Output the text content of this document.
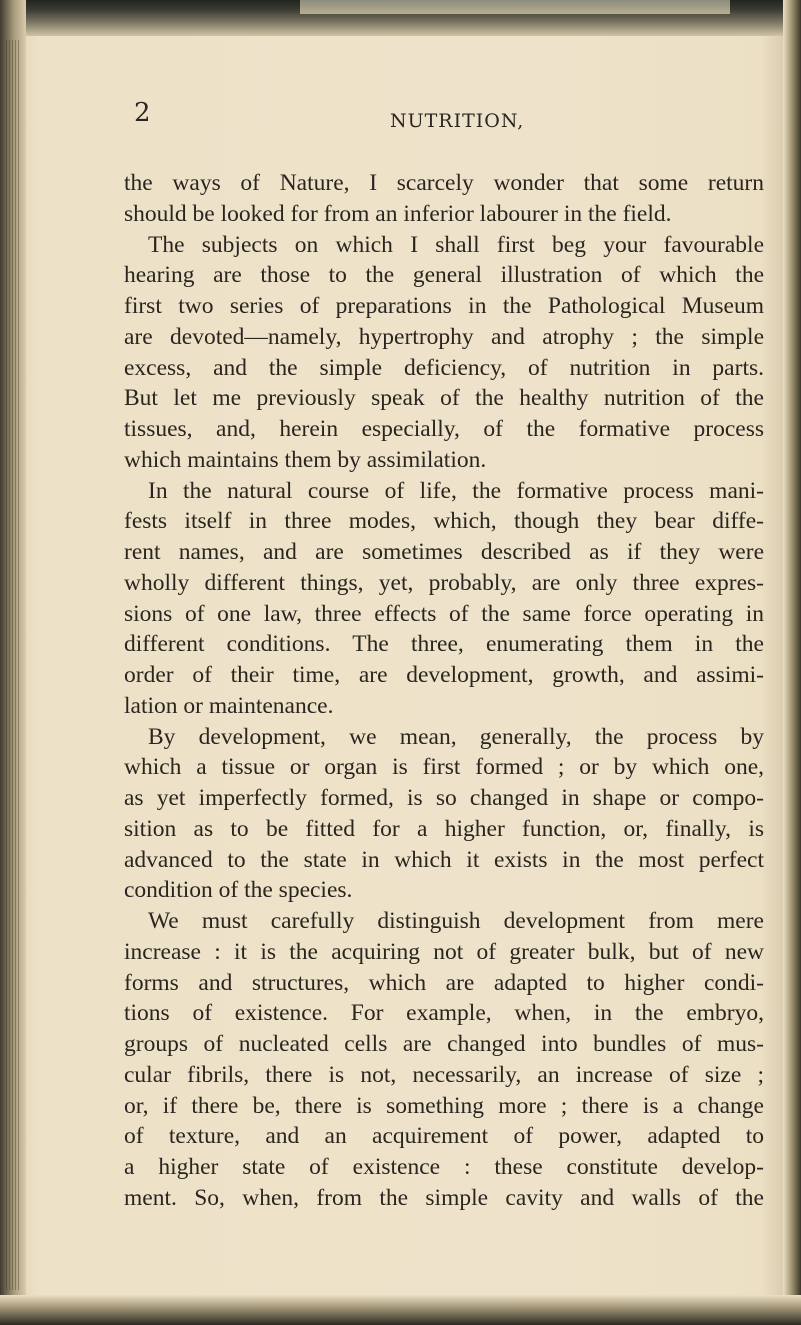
2	NUTRITION,
the ways of Nature, I scarcely wonder that some return
should be looked for from an inferior labourer in the field.
The subjects on which I shall first beg your favourable
hearing are those to the general illustration of which the
first two series of preparations in the Pathological Museum
are devoted—namely, hypertrophy and atrophy ; the simple
excess, and the simple deficiency, of nutrition in parts.
But let me previously speak of the healthy nutrition of the
tissues, and, herein especially, of the formative process
which maintains them by assimilation.
In the natural course of life, the formative process mani-
fests itself in three modes, which, though they bear diffe-
rent names, and are sometimes described as if they were
wholly different things, yet, probably, are only three expres-
sions of one law, three effects of the same force operating in
different conditions. The three, enumerating them in the
order of their time, are development, growth, and assimi-
lation or maintenance.
By development, we mean, generally, the process by
which a tissue or organ is first formed ; or by which one,
as yet imperfectly formed, is so changed in shape or compo-
sition as to be fitted for a higher function, or, finally, is
advanced to the state in which it exists in the most perfect
condition of the species.
We must carefully distinguish development from mere
increase : it is the acquiring not of greater bulk, but of new
forms and structures, which are adapted to higher condi-
tions of existence. For example, when, in the embryo,
groups of nucleated cells are changed into bundles of mus-
cular fibrils, there is not, necessarily, an increase of size ;
or, if there be, there is something more ; there is a change
of texture, and an acquirement of power, adapted to
a higher state of existence : these constitute develop-
ment. So, when, from the simple cavity and walls of the
